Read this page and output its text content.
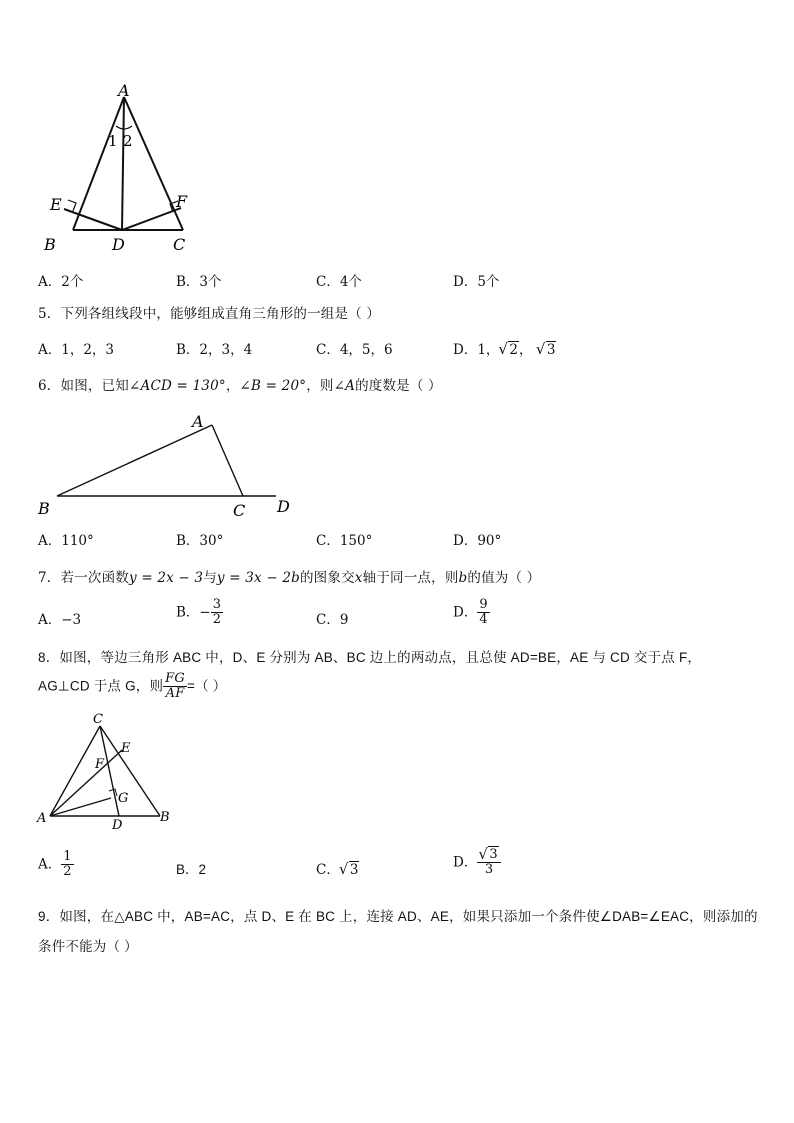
A
1 2
E	F
B	D	C
A．2个	B．3个	C．4个	D．5个
5．下列各组线段中，能够组成直角三角形的一组是（ ）
A．1，2，3	B．2，3，4	C．4，5，6	D．1， √ 2， √ 3
6．如图，已知∠ACD = 130°，∠B = 20°，则∠A的度数是（ ）
A
B	C D
A．110°	B．30°	C．150°	D．90°
7．若一次函数y = 2x − 3与y = 3x − 2b的图象交x轴于同一点，则b的值为（ ）
A．−3	B．− $\frac{3}{2}$	C．9	D． $\frac{9}{4}$
8．如图，等边三角形 ABC 中，D、E 分别为 AB、BC 边上的两动点，且总使 AD=BE，AE 与 CD 交于点 F，
AG⊥CD 于点 G，则 $\frac{FG}{AF}$ =（ ）
C
E
F
G
A	D
B
A． $\frac{1}{2}$	B．2	C． √ 3	D． √ $\frac{3}{3}$
9．如图，在△ABC 中，AB=AC，点 D、E 在 BC 上，连接 AD、AE，如果只添加一个条件使∠DAB=∠EAC，则添加的
条件不能为（ ）
